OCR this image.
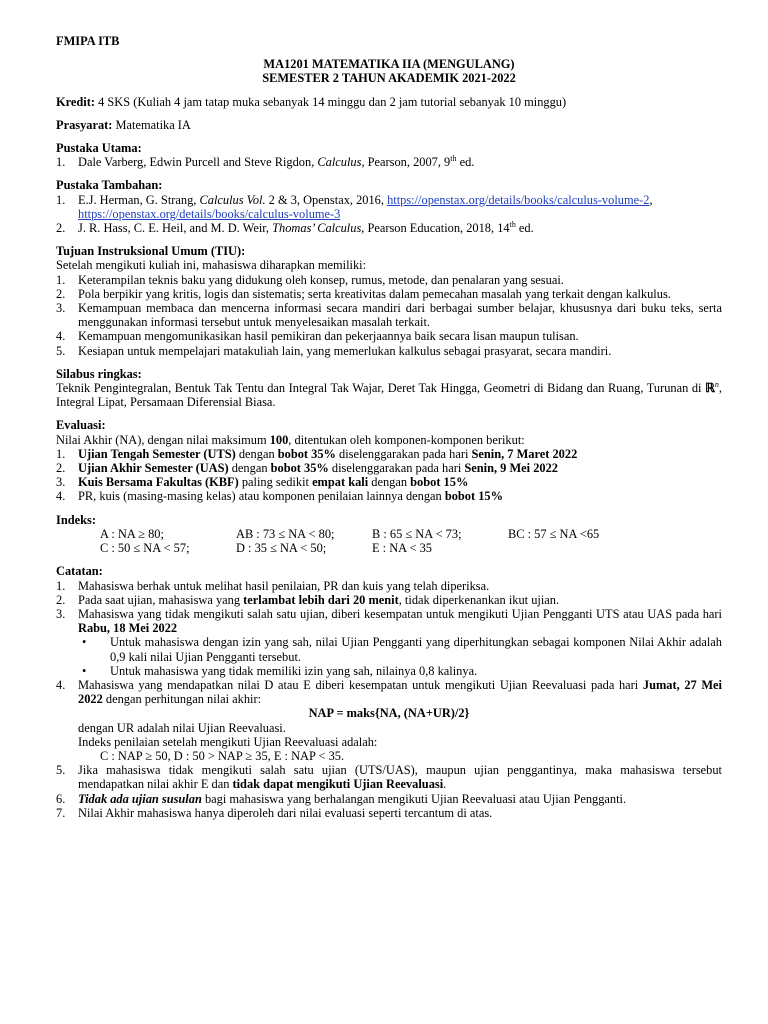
FMIPA ITB
MA1201 MATEMATIKA IIA (MENGULANG)
SEMESTER 2 TAHUN AKADEMIK 2021-2022
Kredit: 4 SKS (Kuliah 4 jam tatap muka sebanyak 14 minggu dan 2 jam tutorial sebanyak 10 minggu)
Prasyarat: Matematika IA
Pustaka Utama:
1.	Dale Varberg, Edwin Purcell and Steve Rigdon, Calculus, Pearson, 2007, 9th ed.
Pustaka Tambahan:
1.	E.J. Herman, G. Strang, Calculus Vol. 2 & 3, Openstax, 2016, https://openstax.org/details/books/calculus-volume-2, https://openstax.org/details/books/calculus-volume-3
2.	J. R. Hass, C. E. Heil, and M. D. Weir, Thomas’ Calculus, Pearson Education, 2018, 14th ed.
Tujuan Instruksional Umum (TIU):
Setelah mengikuti kuliah ini, mahasiswa diharapkan memiliki:
1.	Keterampilan teknis baku yang didukung oleh konsep, rumus, metode, dan penalaran yang sesuai.
2.	Pola berpikir yang kritis, logis dan sistematis; serta kreativitas dalam pemecahan masalah yang terkait dengan kalkulus.
3.	Kemampuan membaca dan mencerna informasi secara mandiri dari berbagai sumber belajar, khususnya dari buku teks, serta menggunakan informasi tersebut untuk menyelesaikan masalah terkait.
4.	Kemampuan mengomunikasikan hasil pemikiran dan pekerjaannya baik secara lisan maupun tulisan.
5.	Kesiapan untuk mempelajari matakuliah lain, yang memerlukan kalkulus sebagai prasyarat, secara mandiri.
Silabus ringkas:
Teknik Pengintegralan, Bentuk Tak Tentu dan Integral Tak Wajar, Deret Tak Hingga, Geometri di Bidang dan Ruang, Turunan di ℝ$^n$, Integral Lipat, Persamaan Diferensial Biasa.
Evaluasi:
Nilai Akhir (NA), dengan nilai maksimum 100, ditentukan oleh komponen-komponen berikut:
1.	Ujian Tengah Semester (UTS) dengan bobot 35% diselenggarakan pada hari Senin, 7 Maret 2022
2.	Ujian Akhir Semester (UAS) dengan bobot 35% diselenggarakan pada hari Senin, 9 Mei 2022
3.	Kuis Bersama Fakultas (KBF) paling sedikit empat kali dengan bobot 15%
4.	PR, kuis (masing-masing kelas) atau komponen penilaian lainnya dengan bobot 15%
Indeks:
A : NA ≥ 80;	AB : 73 ≤ NA < 80;	B : 65 ≤ NA < 73;	BC : 57 ≤ NA <65
C : 50 ≤ NA < 57;	D : 35 ≤ NA < 50;	E : NA < 35
Catatan:
1.	Mahasiswa berhak untuk melihat hasil penilaian, PR dan kuis yang telah diperiksa.
2.	Pada saat ujian, mahasiswa yang terlambat lebih dari 20 menit, tidak diperkenankan ikut ujian.
3.	Mahasiswa yang tidak mengikuti salah satu ujian, diberi kesempatan untuk mengikuti Ujian Pengganti UTS atau UAS pada hari Rabu, 18 Mei 2022
•	Untuk mahasiswa dengan izin yang sah, nilai Ujian Pengganti yang diperhitungkan sebagai komponen Nilai Akhir adalah 0,9 kali nilai Ujian Pengganti tersebut.
•	Untuk mahasiswa yang tidak memiliki izin yang sah, nilainya 0,8 kalinya.
4.	Mahasiswa yang mendapatkan nilai D atau E diberi kesempatan untuk mengikuti Ujian Reevaluasi pada hari Jumat, 27 Mei 2022 dengan perhitungan nilai akhir:
NAP = maks{NA, (NA+UR)/2}
dengan UR adalah nilai Ujian Reevaluasi.
Indeks penilaian setelah mengikuti Ujian Reevaluasi adalah:
C : NAP ≥ 50, D : 50 > NAP ≥ 35, E : NAP < 35.
5.	Jika mahasiswa tidak mengikuti salah satu ujian (UTS/UAS), maupun ujian penggantinya, maka mahasiswa tersebut mendapatkan nilai akhir E dan tidak dapat mengikuti Ujian Reevaluasi.
6.	Tidak ada ujian susulan bagi mahasiswa yang berhalangan mengikuti Ujian Reevaluasi atau Ujian Pengganti.
7.	Nilai Akhir mahasiswa hanya diperoleh dari nilai evaluasi seperti tercantum di atas.
